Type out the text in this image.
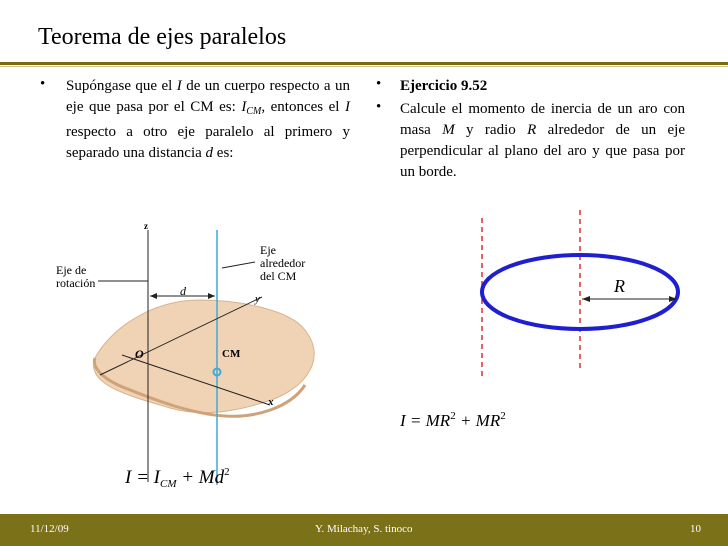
Teorema de ejes paralelos
• Supóngase que el I de un cuerpo respecto a un eje que pasa por el CM es: $I_{CM}$, entonces el I respecto a otro eje paralelo al primero y separado una distancia d es:
• Ejercicio 9.52
• Calcule el momento de inercia de un aro con masa M y radio R alrededor de un eje perpendicular al plano del aro y que pasa por un borde.
z
y
x
d
O	CM
Eje de rotación
Eje alrededor del CM
$I = I_{CM} + Md^2$
R
$I = MR^2 + MR^2$
11/12/09	Y. Milachay, S. tinoco	10
